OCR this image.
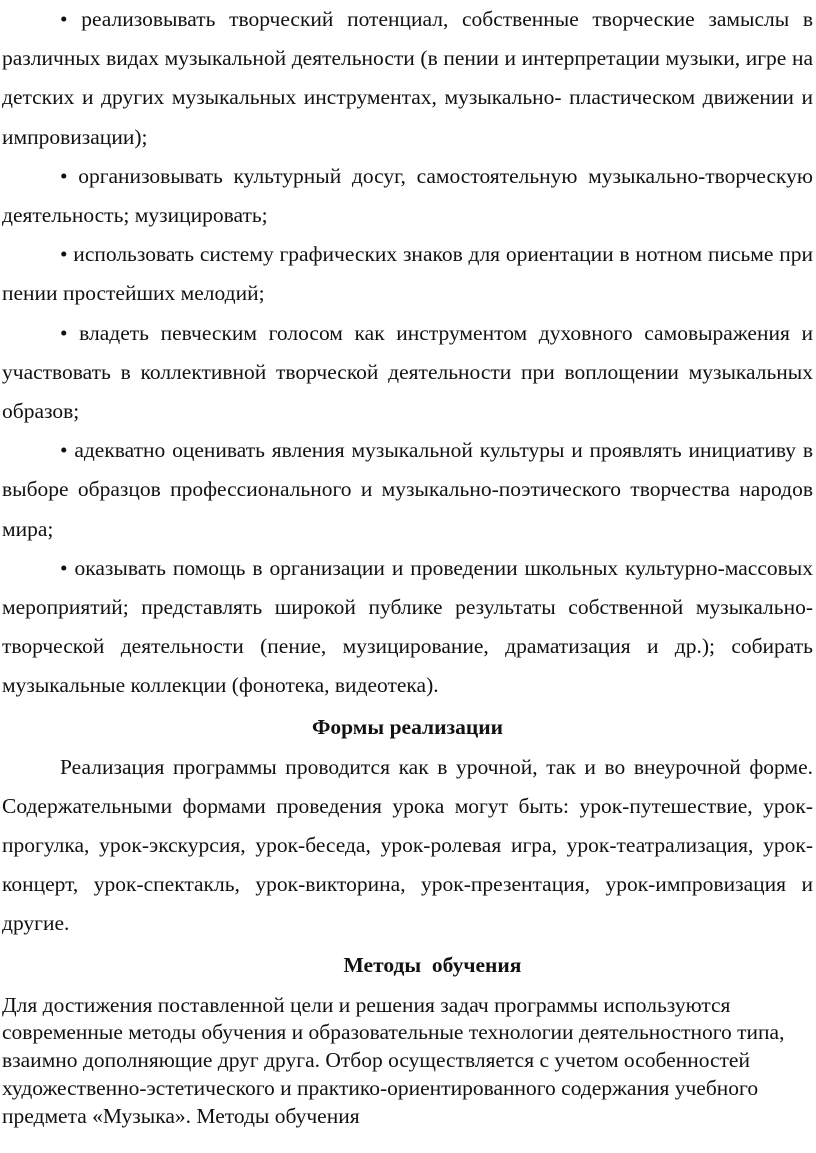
• реализовывать творческий потенциал, собственные творческие замыслы в различных видах музыкальной деятельности (в пении и интерпретации музыки, игре на детских и других музыкальных инструментах, музыкально- пластическом движении и импровизации);

• организовывать культурный досуг, самостоятельную музыкально-творческую деятельность; музицировать;

• использовать систему графических знаков для ориентации в нотном письме при пении простейших мелодий;

• владеть певческим голосом как инструментом духовного самовыражения и участвовать в коллективной творческой деятельности при воплощении музыкальных образов;

• адекватно оценивать явления музыкальной культуры и проявлять инициативу в выборе образцов профессионального и музыкально-поэтического творчества народов мира;

• оказывать помощь в организации и проведении школьных культурно-массовых мероприятий; представлять широкой публике результаты собственной музыкально-творческой деятельности (пение, музицирование, драматизация и др.); собирать музыкальные коллекции (фонотека, видеотека).

Формы реализации

Реализация программы проводится как в урочной, так и во внеурочной форме. Содержательными формами проведения урока могут быть: урок-путешествие, урок-прогулка, урок-экскурсия, урок-беседа, урок-ролевая игра, урок-театрализация, урок-концерт, урок-спектакль, урок-викторина, урок-презентация, урок-импровизация и другие.

Методы  обучения

Для достижения поставленной цели и решения задач программы используются современные методы обучения и образовательные технологии деятельностного типа, взаимно дополняющие друг друга. Отбор осуществляется с учетом особенностей художественно-эстетического и практико-ориентированного содержания учебного предмета «Музыка». Методы обучения
